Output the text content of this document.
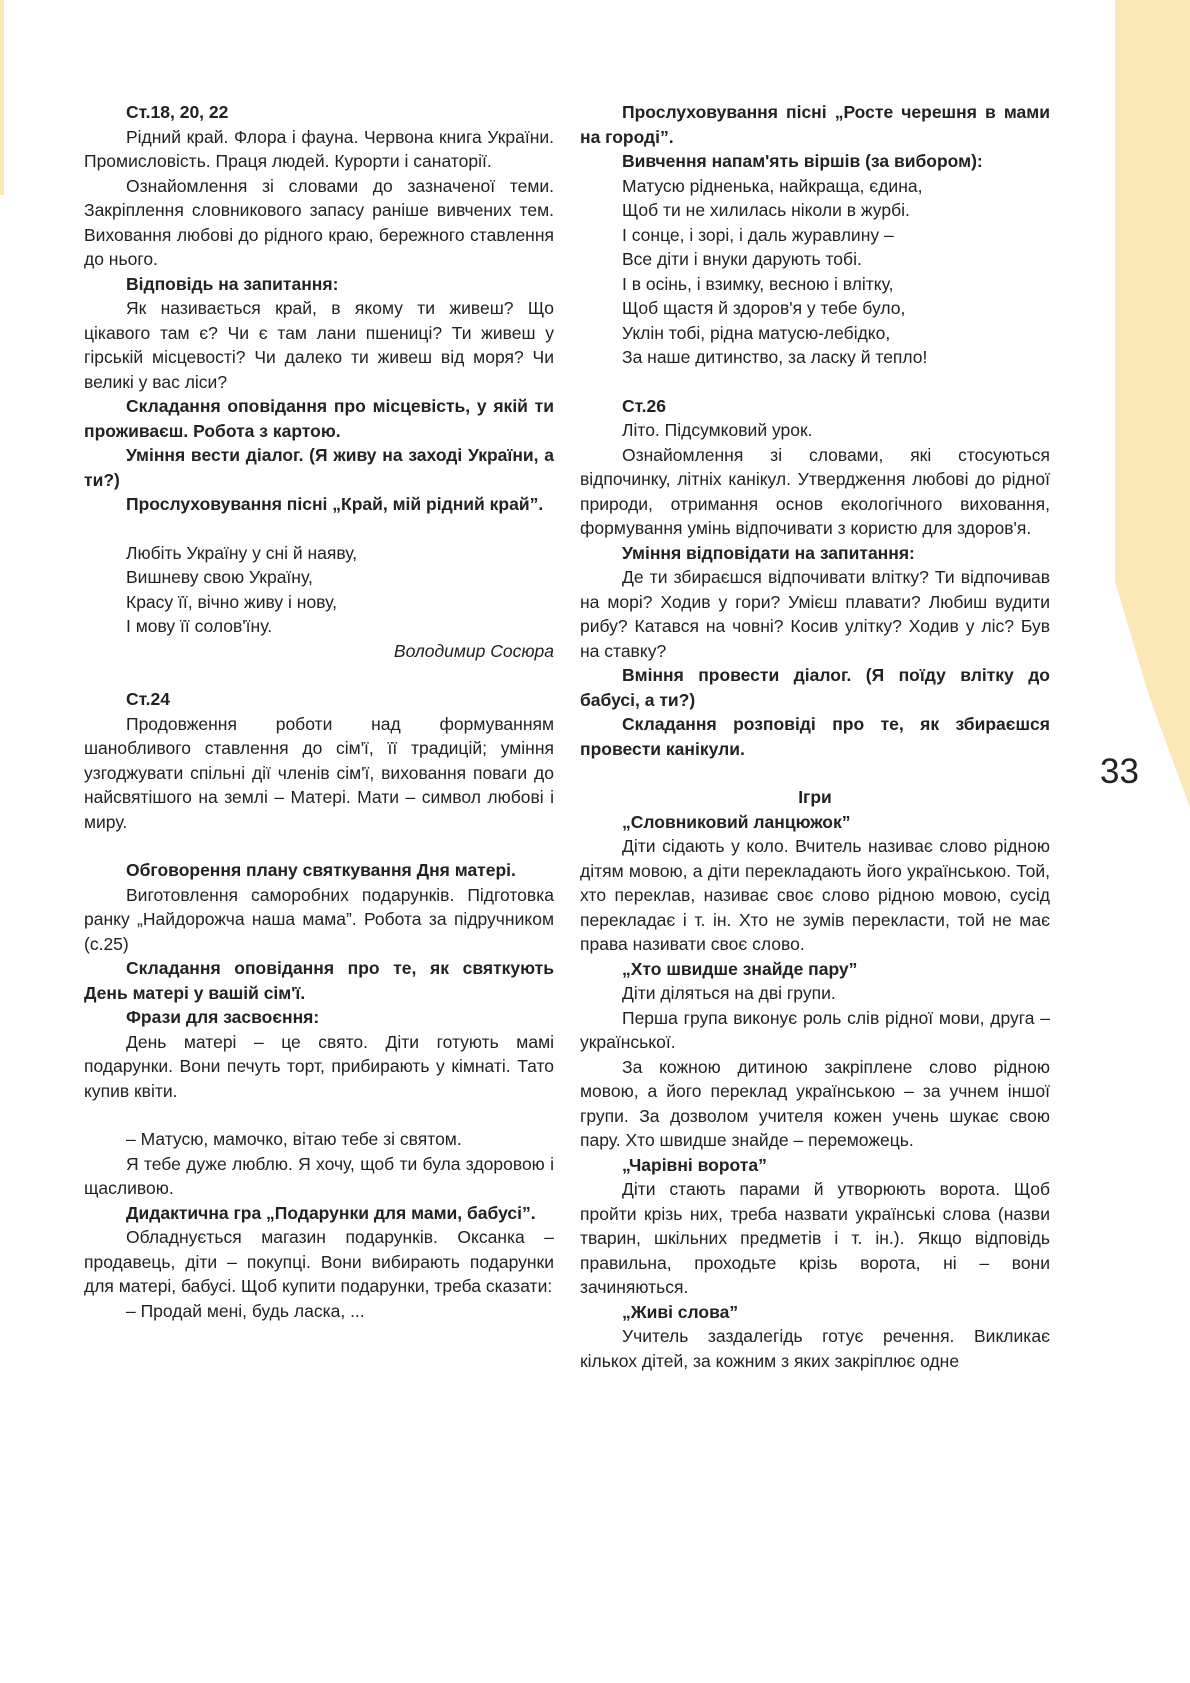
33

Ст.18, 20, 22

Рідний край. Флора і фауна. Червона книга України. Промисловість. Праця людей. Курорти і санаторії.

Ознайомлення зі словами до зазначеної теми. Закріплення словникового запасу раніше вивчених тем. Виховання любові до рідного краю, бережного ставлення до нього.

Відповідь на запитання:

Як називається край, в якому ти живеш? Що цікавого там є? Чи є там лани пшениці? Ти живеш у гірській місцевості? Чи далеко ти живеш від моря? Чи великі у вас ліси?

Складання оповідання про місцевість, у якій ти проживаєш. Робота з картою.

Уміння вести діалог. (Я живу на заході України, а ти?)

Прослуховування пісні „Край, мій рідний край”.

Любіть Україну у сні й наяву,
Вишневу свою Україну,
Красу її, вічно живу і нову,
І мову її солов'їну.

Володимир Сосюра

Ст.24

Продовження роботи над формуванням шанобливого ставлення до сім'ї, її традицій; уміння узгоджувати спільні дії членів сім'ї, виховання поваги до найсвятішого на землі – Матері. Мати – символ любові і миру.

Обговорення плану святкування Дня матері.

Виготовлення саморобних подарунків. Підготовка ранку „Найдорожча наша мама”. Робота за підручником (с.25)

Складання оповідання про те, як святкують День матері у вашій сім'ї.

Фрази для засвоєння:

День матері – це свято. Діти готують мамі подарунки. Вони печуть торт, прибирають у кімнаті. Тато купив квіти.

– Матусю, мамочко, вітаю тебе зі святом.

Я тебе дуже люблю. Я хочу, щоб ти була здоровою і щасливою.

Дидактична гра „Подарунки для мами, бабусі”.

Обладнується магазин подарунків. Оксанка – продавець, діти – покупці. Вони вибирають подарунки для матері, бабусі. Щоб купити подарунки, треба сказати:

– Продай мені, будь ласка, ...

Прослуховування пісні „Росте черешня в мами на городі”.

Вивчення напам'ять віршів (за вибором):

Матусю рідненька, найкраща, єдина,
Щоб ти не хилилась ніколи в журбі.
І сонце, і зорі, і даль журавлину –
Все діти і внуки дарують тобі.
І в осінь, і взимку, весною і влітку,
Щоб щастя й здоров'я у тебе було,
Уклін тобі, рідна матусю-лебідко,
За наше дитинство, за ласку й тепло!

Ст.26

Літо. Підсумковий урок.

Ознайомлення зі словами, які стосуються відпочинку, літніх канікул. Утвердження любові до рідної природи, отримання основ екологічного виховання, формування умінь відпочивати з користю для здоров'я.

Уміння відповідати на запитання:

Де ти збираєшся відпочивати влітку? Ти відпочивав на морі? Ходив у гори? Умієш плавати? Любиш вудити рибу? Катався на човні? Косив улітку? Ходив у ліс? Був на ставку?

Вміння провести діалог. (Я поїду влітку до бабусі, а ти?)

Складання розповіді про те, як збираєшся провести канікули.

Ігри

„Словниковий ланцюжок”

Діти сідають у коло. Вчитель називає слово рідною дітям мовою, а діти перекладають його українською. Той, хто переклав, називає своє слово рідною мовою, сусід перекладає і т. ін. Хто не зумів перекласти, той не має права називати своє слово.

„Хто швидше знайде пару”

Діти діляться на дві групи.

Перша група виконує роль слів рідної мови, друга – української.

За кожною дитиною закріплене слово рідною мовою, а його переклад українською – за учнем іншої групи. За дозволом учителя кожен учень шукає свою пару. Хто швидше знайде – переможець.

„Чарівні ворота”

Діти стають парами й утворюють ворота. Щоб пройти крізь них, треба назвати українські слова (назви тварин, шкільних предметів і т. ін.). Якщо відповідь правильна, проходьте крізь ворота, ні – вони зачиняються.

„Живі слова”

Учитель заздалегідь готує речення. Викликає кількох дітей, за кожним з яких закріплює одне
